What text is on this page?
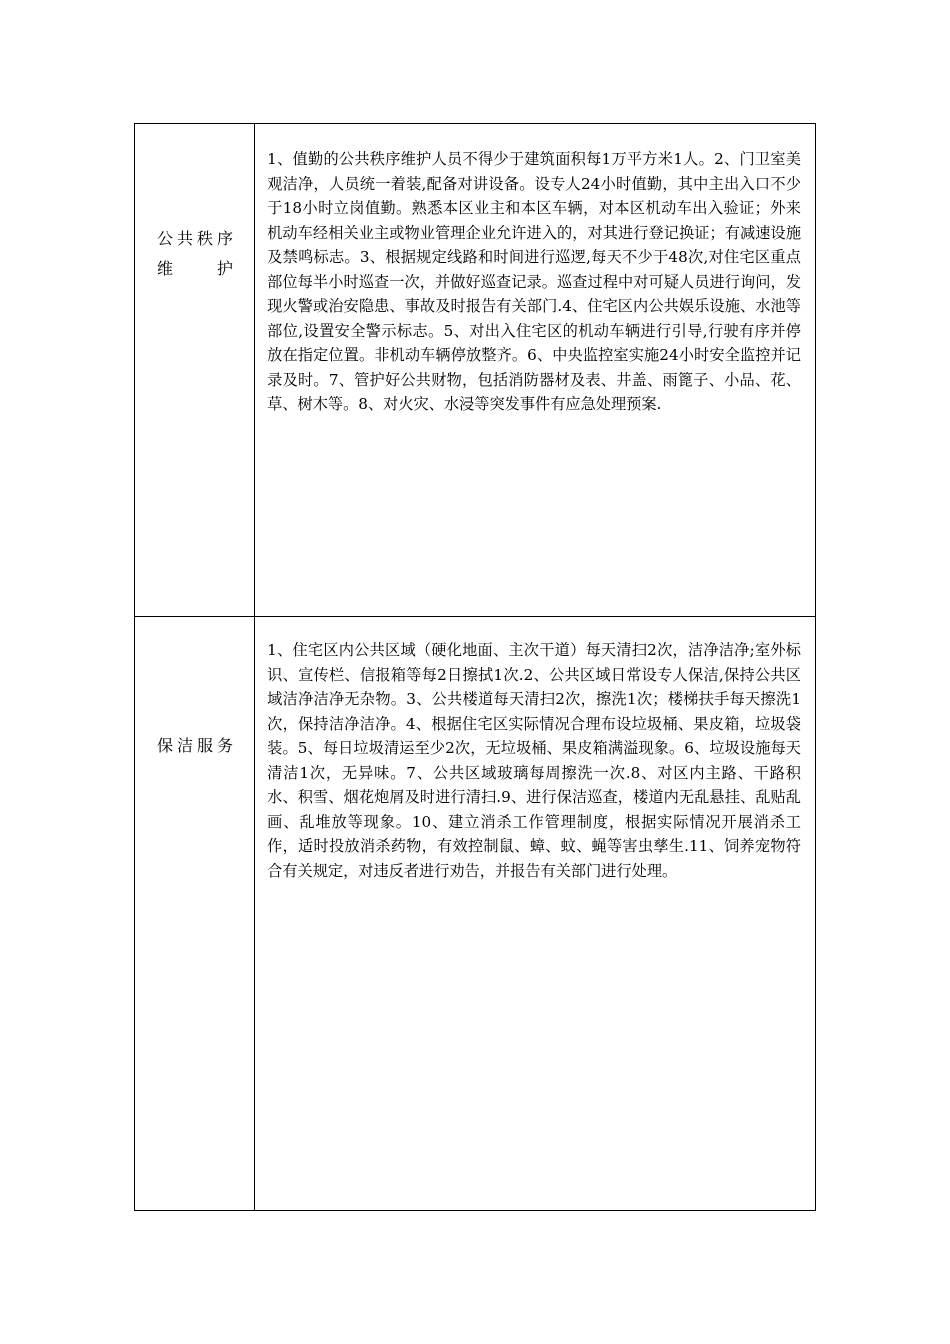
公共秩序
维　　护	1、值勤的公共秩序维护人员不得少于建筑面积每1万平方米1人。2、门卫室美观洁净，人员统一着装,配备对讲设备。设专人24小时值勤，其中主出入口不少于18小时立岗值勤。熟悉本区业主和本区车辆，对本区机动车出入验证；外来机动车经相关业主或物业管理企业允许进入的，对其进行登记换证；有减速设施及禁鸣标志。3、根据规定线路和时间进行巡逻,每天不少于48次,对住宅区重点部位每半小时巡查一次，并做好巡查记录。巡查过程中对可疑人员进行询问，发现火警或治安隐患、事故及时报告有关部门.4、住宅区内公共娱乐设施、水池等部位,设置安全警示标志。5、对出入住宅区的机动车辆进行引导,行驶有序并停放在指定位置。非机动车辆停放整齐。6、中央监控室实施24小时安全监控并记录及时。7、管护好公共财物，包括消防器材及表、井盖、雨篦子、小品、花、草、树木等。8、对火灾、水浸等突发事件有应急处理预案.

保洁服务	1、住宅区内公共区域（硬化地面、主次干道）每天清扫2次，洁净洁净;室外标识、宣传栏、信报箱等每2日擦拭1次.2、公共区域日常设专人保洁,保持公共区域洁净洁净无杂物。3、公共楼道每天清扫2次，擦洗1次；楼梯扶手每天擦洗1次，保持洁净洁净。4、根据住宅区实际情况合理布设垃圾桶、果皮箱，垃圾袋装。5、每日垃圾清运至少2次，无垃圾桶、果皮箱满溢现象。6、垃圾设施每天清洁1次，无异味。7、公共区域玻璃每周擦洗一次.8、对区内主路、干路积水、积雪、烟花炮屑及时进行清扫.9、进行保洁巡查，楼道内无乱悬挂、乱贴乱画、乱堆放等现象。10、建立消杀工作管理制度，根据实际情况开展消杀工作，适时投放消杀药物，有效控制鼠、蟑、蚊、蝇等害虫孳生.11、饲养宠物符合有关规定，对违反者进行劝告，并报告有关部门进行处理。
